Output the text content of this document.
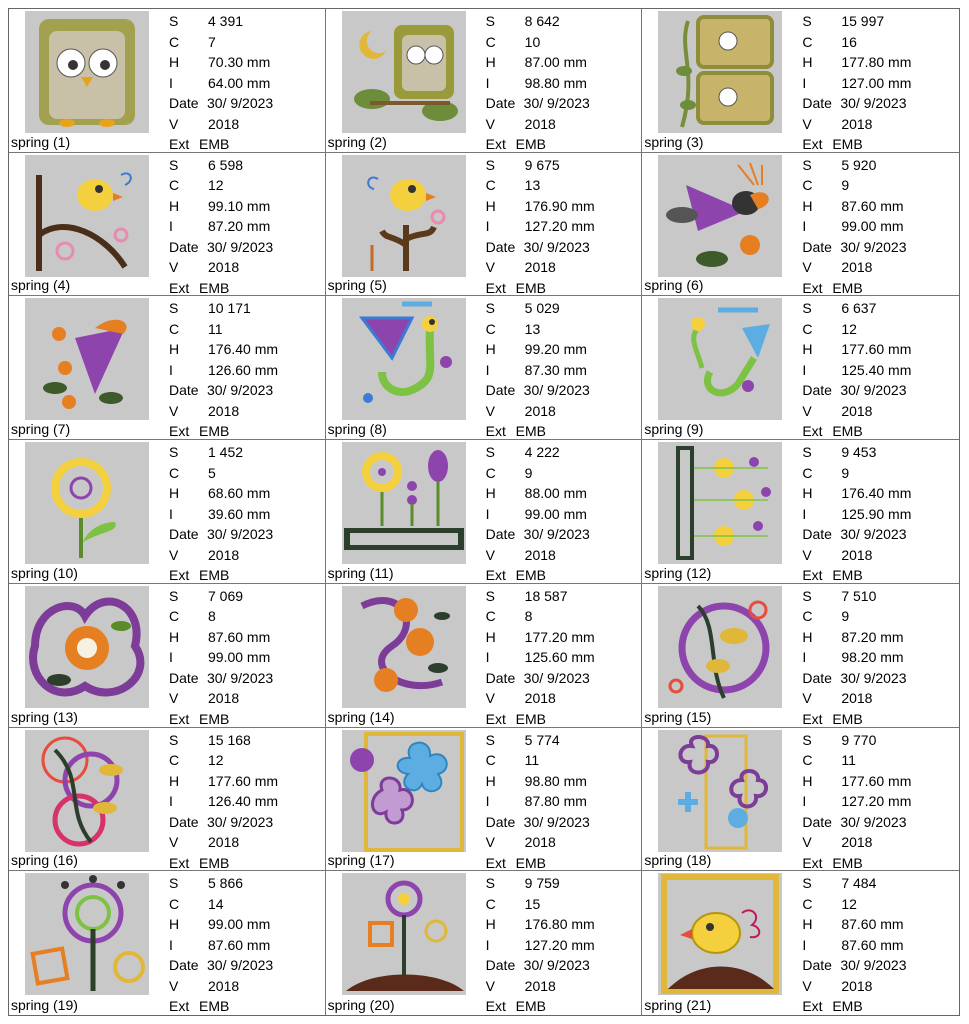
spring (1)
S	4 391
C	7
H	70.30 mm
I	64.00 mm
Date 30/ 9/2023
V	2018
Ext EMB	spring (2)
S	8 642
C	10
H	87.00 mm
I	98.80 mm
Date 30/ 9/2023
V	2018
Ext EMB	spring (3)
S	15 997
C	16
H	177.80 mm
I	127.00 mm
Date 30/ 9/2023
V	2018
Ext EMB
spring (4)
S	6 598
C	12
H	99.10 mm
I	87.20 mm
Date 30/ 9/2023
V	2018
Ext EMB	spring (5)
S	9 675
C	13
H	176.90 mm
I	127.20 mm
Date 30/ 9/2023
V	2018
Ext EMB	spring (6)
S	5 920
C	9
H	87.60 mm
I	99.00 mm
Date 30/ 9/2023
V	2018
Ext EMB
spring (7)
S	10 171
C	11
H	176.40 mm
I	126.60 mm
Date 30/ 9/2023
V	2018
Ext EMB	spring (8)
S	5 029
C	13
H	99.20 mm
I	87.30 mm
Date 30/ 9/2023
V	2018
Ext EMB	spring (9)
S	6 637
C	12
H	177.60 mm
I	125.40 mm
Date 30/ 9/2023
V	2018
Ext EMB
spring (10)
S	1 452
C	5
H	68.60 mm
I	39.60 mm
Date 30/ 9/2023
V	2018
Ext EMB	spring (11)
S	4 222
C	9
H	88.00 mm
I	99.00 mm
Date 30/ 9/2023
V	2018
Ext EMB	spring (12)
S	9 453
C	9
H	176.40 mm
I	125.90 mm
Date 30/ 9/2023
V	2018
Ext EMB
spring (13)
S	7 069
C	8
H	87.60 mm
I	99.00 mm
Date 30/ 9/2023
V	2018
Ext EMB	spring (14)
S	18 587
C	8
H	177.20 mm
I	125.60 mm
Date 30/ 9/2023
V	2018
Ext EMB	spring (15)
S	7 510
C	9
H	87.20 mm
I	98.20 mm
Date 30/ 9/2023
V	2018
Ext EMB
spring (16)
S	15 168
C	12
H	177.60 mm
I	126.40 mm
Date 30/ 9/2023
V	2018
Ext EMB	spring (17)
S	5 774
C	11
H	98.80 mm
I	87.80 mm
Date 30/ 9/2023
V	2018
Ext EMB	spring (18)
S	9 770
C	11
H	177.60 mm
I	127.20 mm
Date 30/ 9/2023
V	2018
Ext EMB
spring (19)
S	5 866
C	14
H	99.00 mm
I	87.60 mm
Date 30/ 9/2023
V	2018
Ext EMB	spring (20)
S	9 759
C	15
H	176.80 mm
I	127.20 mm
Date 30/ 9/2023
V	2018
Ext EMB	spring (21)
S	7 484
C	12
H	87.60 mm
I	87.60 mm
Date 30/ 9/2023
V	2018
Ext EMB
